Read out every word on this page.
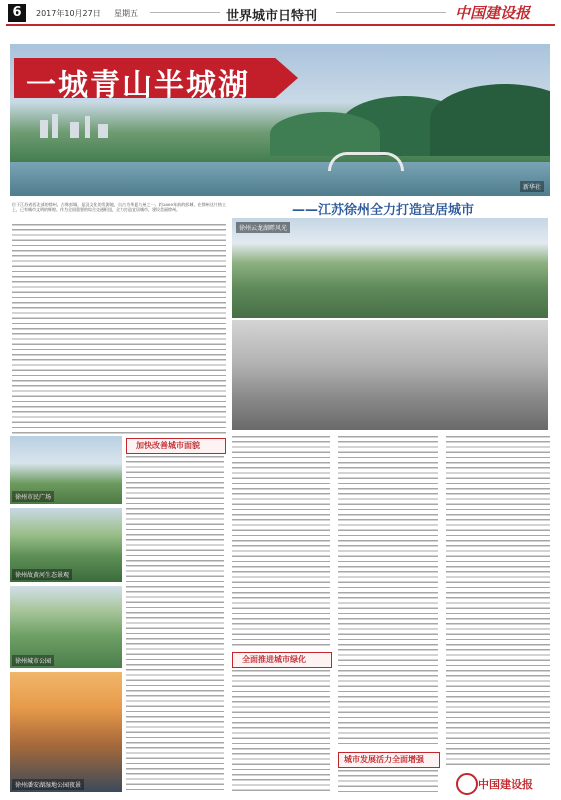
6	2017年10月27日 星期五	世界城市日特刊	中国建设报
新华社
一城青山半城湖
——江苏徐州全力打造宜居城市

位于江苏省西北部的徐州，古称彭城，是汉文化的发源地，自古为华夏九州之一。约2600年前的彭城，在徐州这片热土上，已有城市文明的辉煌。作为全国重要的综合交通枢纽，全力打造宜居城市，建设美丽徐州。

徐州云龙湖畔风光
徐州市民广场
徐州故黄河生态景观
徐州城市公园
徐州潘安湖湿地公园夜景
加快改善城市面貌
全面推进城市绿化
城市发展活力全面增强
中国建设报
